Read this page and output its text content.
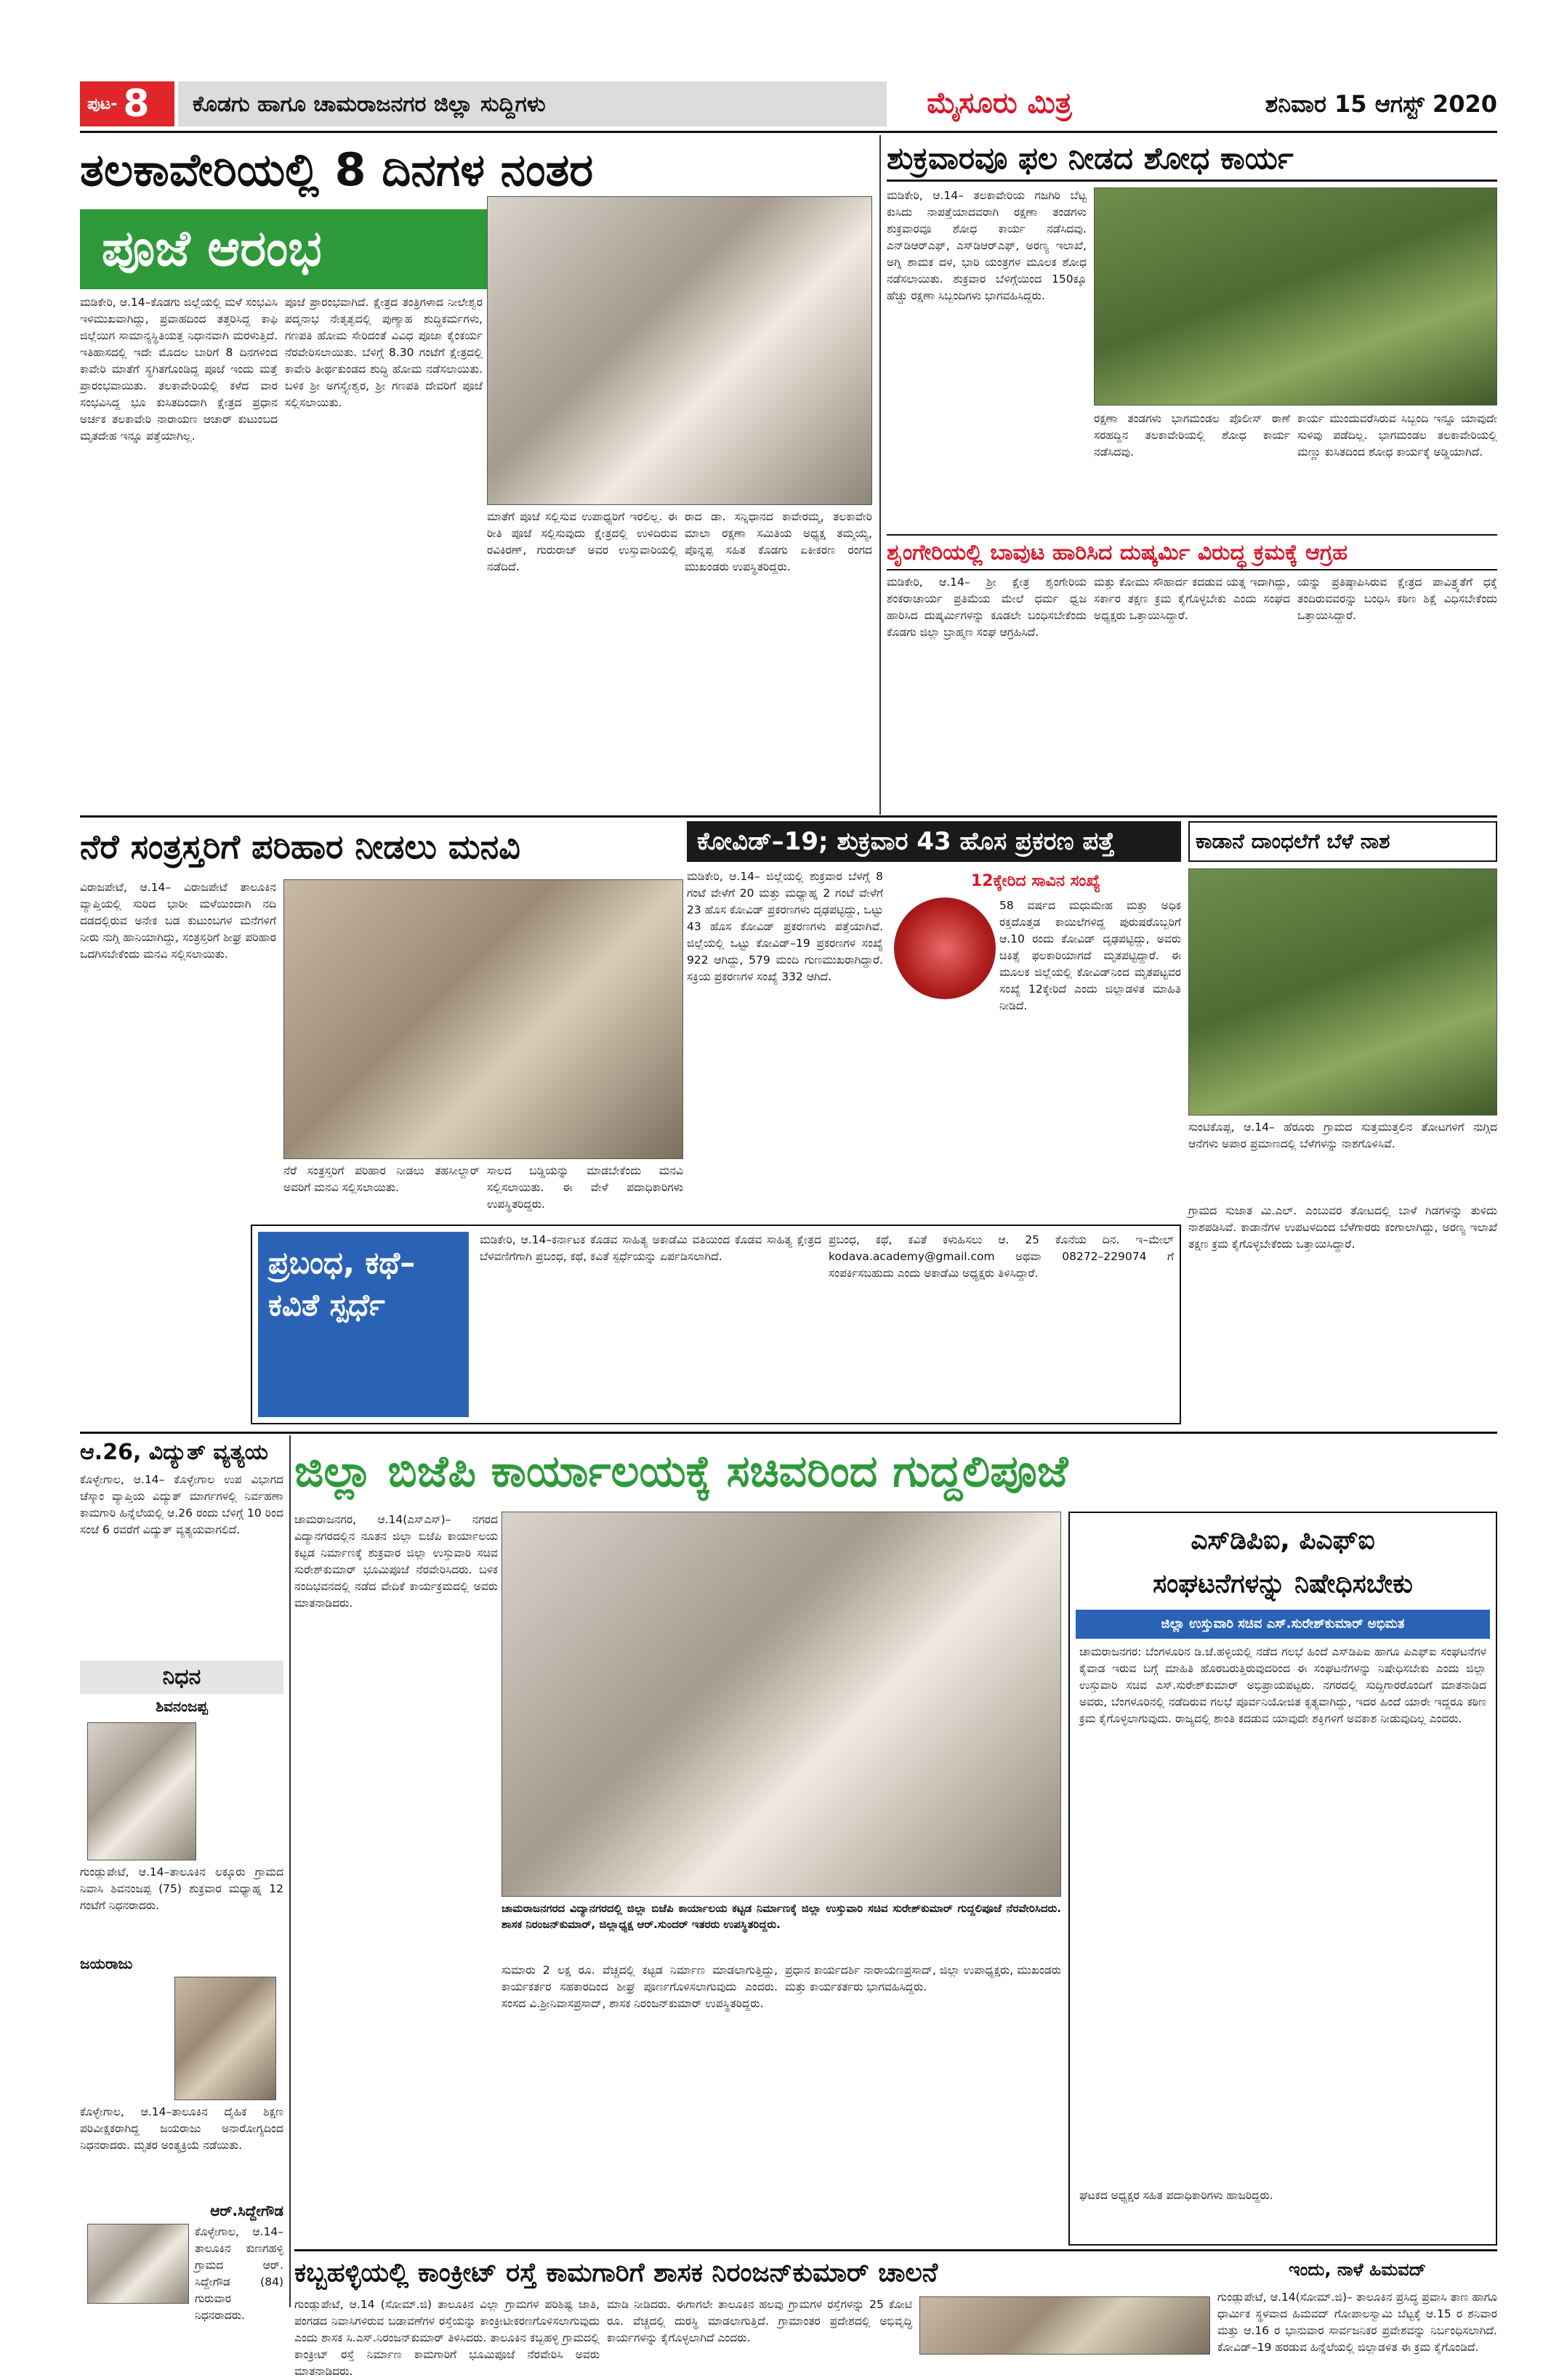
ಪುಟ- 8	ಕೊಡಗು ಹಾಗೂ ಚಾಮರಾಜನಗರ ಜಿಲ್ಲಾ ಸುದ್ದಿಗಳು	ಮೈಸೂರು ಮಿತ್ರ	ಶನಿವಾರ 15 ಆಗಸ್ಟ್ 2020
ತಲಕಾವೇರಿಯಲ್ಲಿ 8 ದಿನಗಳ ನಂತರ
ಪೂಜೆ ಆರಂಭ
ಮಡಿಕೇರಿ, ಆ.14–ಕೊಡಗು ಜಿಲ್ಲೆಯಲ್ಲಿ ಮಳೆ ಸಂಭವಿಸಿ ಇಳಿಮುಖವಾಗಿದ್ದು, ಪ್ರವಾಹದಿಂದ ತತ್ತರಿಸಿದ್ದ ಕಾಫಿ ಜಿಲ್ಲೆಯಿಗ ಸಾಮಾನ್ಯಸ್ಥಿತಿಯತ್ತ ನಿಧಾನವಾಗಿ ಮರಳುತ್ತಿದೆ. ಇತಿಹಾಸದಲ್ಲಿ ಇದೇ ಮೊದಲ ಬಾರಿಗೆ 8 ದಿನಗಳಿಂದ ಕಾವೇರಿ ಮಾತೆಗೆ ಸ್ಥಗಿತಗೊಂಡಿದ್ದ ಪೂಜೆ ಇಂದು ಮತ್ತೆ ಪ್ರಾರಂಭವಾಯಿತು. ತಲಕಾವೇರಿಯಲ್ಲಿ ಕಳೆದ ವಾರ ಸಂಭವಿಸಿದ್ದ ಭೂ ಕುಸಿತದಿಂದಾಗಿ ಕ್ಷೇತ್ರದ ಪ್ರಧಾನ ಅರ್ಚಕ ತಲಕಾವೇರಿ ನಾರಾಯಣ ಆಚಾರ್ ಕುಟುಂಬದ ಮೃತದೇಹ ಇನ್ನೂ ಪತ್ತೆಯಾಗಿಲ್ಲ.
ಪೂಜೆ ಪ್ರಾರಂಭವಾಗಿದೆ. ಕ್ಷೇತ್ರದ ತಂತ್ರಿಗಳಾದ ನೀಲೇಶ್ವರ ಪದ್ಮನಾಭ ನೇತೃತ್ವದಲ್ಲಿ ಪುಣ್ಯಾಹ ಶುದ್ಧಿಕರ್ಮಗಳು, ಗಣಪತಿ ಹೋಮ ಸೇರಿದಂತೆ ವಿವಿಧ ಪೂಜಾ ಕೈಂಕರ್ಯ ನೆರವೇರಿಸಲಾಯಿತು. ಬೆಳಿಗ್ಗೆ 8.30 ಗಂಟೆಗೆ ಕ್ಷೇತ್ರದಲ್ಲಿ ಕಾವೇರಿ ತೀರ್ಥಕುಂಡದ ಶುದ್ಧಿ ಹೋಮ ನಡೆಸಲಾಯಿತು. ಬಳಿಕ ಶ್ರೀ ಅಗಸ್ತ್ಯೇಶ್ವರ, ಶ್ರೀ ಗಣಪತಿ ದೇವರಿಗೆ ಪೂಜೆ ಸಲ್ಲಿಸಲಾಯಿತು.
ಮಾತೆಗೆ ಪೂಜೆ ಸಲ್ಲಿಸುವ ಉಪಾಧ್ಯರಿಗೆ ಇರಲಿಲ್ಲ. ಈ ರೀತಿ ಪೂಜೆ ಸಲ್ಲಿಸುವುದು ಕ್ಷೇತ್ರದಲ್ಲಿ ಉಳಿದಿರುವ ರವಿಕಿರಣ್, ಗುರುರಾಜ್ ಅವರ ಉಸ್ತುವಾರಿಯಲ್ಲಿ ನಡೆದಿದೆ.
ರಾದ ಡಾ. ಸನ್ನಿಧಾನದ ಕಾವೇರಮ್ಮ, ತಲಕಾವೇರಿ ಮಾಲಾ ರಕ್ಷಣಾ ಸಮಿತಿಯ ಅಧ್ಯಕ್ಷ ತಮ್ಮಯ್ಯ, ಪೊನ್ನಪ್ಪ ಸಹಿತ ಕೊಡಗು ಏಕೀಕರಣ ರಂಗದ ಮುಖಂಡರು ಉಪಸ್ಥಿತರಿದ್ದರು.
ಶುಕ್ರವಾರವೂ ಫಲ ನೀಡದ ಶೋಧ ಕಾರ್ಯ
ಮಡಿಕೇರಿ, ಆ.14– ತಲಕಾವೇರಿಯ ಗಜಗಿರಿ ಬೆಟ್ಟ ಕುಸಿದು ನಾಪತ್ತೆಯಾದವರಾಗಿ ರಕ್ಷಣಾ ತಂಡಗಳು ಶುಕ್ರವಾರವೂ ಶೋಧ ಕಾರ್ಯ ನಡೆಸಿದವು. ಎನ್‌ಡಿಆರ್‌ಎಫ್, ಎಸ್‌ಡಿಆರ್‌ಎಫ್, ಅರಣ್ಯ ಇಲಾಖೆ, ಅಗ್ನಿ ಶಾಮಕ ದಳ, ಭಾರಿ ಯಂತ್ರಗಳ ಮೂಲಕ ಶೋಧ ನಡೆಸಲಾಯಿತು. ಶುಕ್ರವಾರ ಬೆಳಿಗ್ಗೆಯಿಂದ 150ಕ್ಕೂ ಹೆಚ್ಚು ರಕ್ಷಣಾ ಸಿಬ್ಬಂದಿಗಳು ಭಾಗವಹಿಸಿದ್ದರು.
ರಕ್ಷಣಾ ತಂಡಗಳು ಭಾಗಮಂಡಲ ಪೊಲೀಸ್ ಠಾಣೆ ಸರಹದ್ದಿನ ತಲಕಾವೇರಿಯಲ್ಲಿ ಶೋಧ ಕಾರ್ಯ ನಡೆಸಿದವು.
ಕಾರ್ಯ ಮುಂದುವರೆಸಿರುವ ಸಿಬ್ಬಂದಿ ಇನ್ನೂ ಯಾವುದೇ ಸುಳಿವು ಪಡೆದಿಲ್ಲ. ಭಾಗಮಂಡಲ ತಲಕಾವೇರಿಯಲ್ಲಿ ಮಣ್ಣು ಕುಸಿತದಿಂದ ಶೋಧ ಕಾರ್ಯಕ್ಕೆ ಅಡ್ಡಿಯಾಗಿದೆ.
ಶೃಂಗೇರಿಯಲ್ಲಿ ಬಾವುಟ ಹಾರಿಸಿದ ದುಷ್ಕರ್ಮಿ ವಿರುದ್ಧ ಕ್ರಮಕ್ಕೆ ಆಗ್ರಹ
ಮಡಿಕೇರಿ, ಆ.14– ಶ್ರೀ ಕ್ಷೇತ್ರ ಶೃಂಗೇರಿಯ ಶಂಕರಾಚಾರ್ಯ ಪ್ರತಿಮೆಯ ಮೇಲೆ ಧರ್ಮ ಧ್ವಜ ಹಾರಿಸಿದ ದುಷ್ಕರ್ಮಿಗಳನ್ನು ಕೂಡಲೇ ಬಂಧಿಸಬೇಕೆಂದು ಕೊಡಗು ಜಿಲ್ಲಾ ಬ್ರಾಹ್ಮಣ ಸಂಘ ಆಗ್ರಹಿಸಿದೆ.
ಮತ್ತು ಕೋಮು ಸೌಹಾರ್ದ ಕದಡುವ ಯತ್ನ ಇದಾಗಿದ್ದು, ಸರ್ಕಾರ ತಕ್ಷಣ ಕ್ರಮ ಕೈಗೊಳ್ಳಬೇಕು ಎಂದು ಸಂಘದ ಅಧ್ಯಕ್ಷರು ಒತ್ತಾಯಿಸಿದ್ದಾರೆ.
ಯನ್ನು ಪ್ರತಿಷ್ಠಾಪಿಸಿರುವ ಕ್ಷೇತ್ರದ ಪಾವಿತ್ರ್ಯತೆಗೆ ಧಕ್ಕೆ ತಂದಿರುವವರನ್ನು ಬಂಧಿಸಿ ಕಠಿಣ ಶಿಕ್ಷೆ ವಿಧಿಸಬೇಕೆಂದು ಒತ್ತಾಯಿಸಿದ್ದಾರೆ.
ನೆರೆ ಸಂತ್ರಸ್ತರಿಗೆ ಪರಿಹಾರ ನೀಡಲು ಮನವಿ
ವಿರಾಜಪೇಟೆ, ಆ.14– ವಿರಾಜಪೇಟೆ ತಾಲೂಕಿನ ವ್ಯಾಪ್ತಿಯಲ್ಲಿ ಸುರಿದ ಭಾರೀ ಮಳೆಯಿಂದಾಗಿ ನದಿ ದಡದಲ್ಲಿರುವ ಅನೇಕ ಬಡ ಕುಟುಂಬಗಳ ಮನೆಗಳಿಗೆ ನೀರು ನುಗ್ಗಿ ಹಾನಿಯಾಗಿದ್ದು, ಸಂತ್ರಸ್ತರಿಗೆ ಶೀಘ್ರ ಪರಿಹಾರ ಒದಗಿಸಬೇಕೆಂದು ಮನವಿ ಸಲ್ಲಿಸಲಾಯಿತು.
ನೆರೆ ಸಂತ್ರಸ್ತರಿಗೆ ಪರಿಹಾರ ನೀಡಲು ತಹಸೀಲ್ದಾರ್ ಅವರಿಗೆ ಮನವಿ ಸಲ್ಲಿಸಲಾಯಿತು.
ಸಾಲದ ಬಡ್ಡಿಯನ್ನು ಮಾಡಬೇಕೆಂದು ಮನವಿ ಸಲ್ಲಿಸಲಾಯಿತು. ಈ ವೇಳೆ ಪದಾಧಿಕಾರಿಗಳು ಉಪಸ್ಥಿತರಿದ್ದರು.
ಕೋವಿಡ್–19; ಶುಕ್ರವಾರ 43 ಹೊಸ ಪ್ರಕರಣ ಪತ್ತೆ
ಮಡಿಕೇರಿ, ಆ.14– ಜಿಲ್ಲೆಯಲ್ಲಿ ಶುಕ್ರವಾರ ಬೆಳಗ್ಗೆ 8 ಗಂಟೆ ವೇಳೆಗೆ 20 ಮತ್ತು ಮಧ್ಯಾಹ್ನ 2 ಗಂಟೆ ವೇಳೆಗೆ 23 ಹೊಸ ಕೋವಿಡ್ ಪ್ರಕರಣಗಳು ದೃಢಪಟ್ಟಿದ್ದು, ಒಟ್ಟು 43 ಹೊಸ ಕೋವಿಡ್ ಪ್ರಕರಣಗಳು ಪತ್ತೆಯಾಗಿವೆ. ಜಿಲ್ಲೆಯಲ್ಲಿ ಒಟ್ಟು ಕೋವಿಡ್–19 ಪ್ರಕರಣಗಳ ಸಂಖ್ಯೆ 922 ಆಗಿದ್ದು, 579 ಮಂದಿ ಗುಣಮುಖರಾಗಿದ್ದಾರೆ. ಸಕ್ರಿಯ ಪ್ರಕರಣಗಳ ಸಂಖ್ಯೆ 332 ಆಗಿದೆ.
12ಕ್ಕೇರಿದ ಸಾವಿನ ಸಂಖ್ಯೆ
58 ವರ್ಷದ ಮಧುಮೇಹ ಮತ್ತು ಅಧಿಕ ರಕ್ತದೊತ್ತಡ ಕಾಯಿಲೆಗಳಿದ್ದ ಪುರುಷರೊಬ್ಬರಿಗೆ ಆ.10 ರಂದು ಕೋವಿಡ್ ದೃಢಪಟ್ಟಿದ್ದು, ಅವರು ಚಿಕಿತ್ಸೆ ಫಲಕಾರಿಯಾಗದೆ ಮೃತಪಟ್ಟಿದ್ದಾರೆ. ಈ ಮೂಲಕ ಜಿಲ್ಲೆಯಲ್ಲಿ ಕೋವಿಡ್‌ನಿಂದ ಮೃತಪಟ್ಟವರ ಸಂಖ್ಯೆ 12ಕ್ಕೇರಿದೆ ಎಂದು ಜಿಲ್ಲಾಡಳಿತ ಮಾಹಿತಿ ನೀಡಿದೆ.
ಕಾಡಾನೆ ದಾಂಧಲೆಗೆ ಬೆಳೆ ನಾಶ
ಸುಂಟಿಕೊಪ್ಪ, ಆ.14– ಹೆರೂರು ಗ್ರಾಮದ ಸುತ್ತಮುತ್ತಲಿನ ತೋಟಗಳಿಗೆ ನುಗ್ಗಿದ ಆನೆಗಳು ಅಪಾರ ಪ್ರಮಾಣದಲ್ಲಿ ಬೆಳೆಗಳನ್ನು ನಾಶಗೊಳಿಸಿವೆ.
ಗ್ರಾಮದ ಸುಜಾತ ಮಿ.ಎಲ್. ಎಂಬುವರ ತೋಟದಲ್ಲಿ ಬಾಳೆ ಗಿಡಗಳನ್ನು ತುಳಿದು ನಾಶಪಡಿಸಿವೆ. ಕಾಡಾನೆಗಳ ಉಪಟಳದಿಂದ ಬೆಳೆಗಾರರು ಕಂಗಾಲಾಗಿದ್ದು, ಅರಣ್ಯ ಇಲಾಖೆ ತಕ್ಷಣ ಕ್ರಮ ಕೈಗೊಳ್ಳಬೇಕೆಂದು ಒತ್ತಾಯಿಸಿದ್ದಾರೆ.
ಪ್ರಬಂಧ, ಕಥೆ–ಕವಿತೆ ಸ್ಪರ್ಧೆ
ಮಡಿಕೇರಿ, ಆ.14–ಕರ್ನಾಟಕ ಕೊಡವ ಸಾಹಿತ್ಯ ಅಕಾಡೆಮಿ ವತಿಯಿಂದ ಕೊಡವ ಸಾಹಿತ್ಯ ಕ್ಷೇತ್ರದ ಬೆಳವಣಿಗೆಗಾಗಿ ಪ್ರಬಂಧ, ಕಥೆ, ಕವಿತೆ ಸ್ಪರ್ಧೆಯನ್ನು ಏರ್ಪಡಿಸಲಾಗಿದೆ.
ಪ್ರಬಂಧ, ಕಥೆ, ಕವಿತೆ ಕಳುಹಿಸಲು ಆ. 25 ಕೊನೆಯ ದಿನ. ಇ–ಮೇಲ್ kodava.academy@gmail.com ಅಥವಾ 08272–229074 ಗೆ ಸಂಪರ್ಕಿಸಬಹುದು ಎಂದು ಅಕಾಡೆಮಿ ಅಧ್ಯಕ್ಷರು ತಿಳಿಸಿದ್ದಾರೆ.
ಆ.26, ವಿದ್ಯುತ್ ವ್ಯತ್ಯಯ
ಕೊಳ್ಳೇಗಾಲ, ಆ.14– ಕೊಳ್ಳೇಗಾಲ ಉಪ ವಿಭಾಗದ ಚೆಸ್ಕಾಂ ವ್ಯಾಪ್ತಿಯ ವಿದ್ಯುತ್ ಮಾರ್ಗಗಳಲ್ಲಿ ನಿರ್ವಹಣಾ ಕಾಮಗಾರಿ ಹಿನ್ನೆಲೆಯಲ್ಲಿ ಆ.26 ರಂದು ಬೆಳಿಗ್ಗೆ 10 ರಿಂದ ಸಂಜೆ 6 ರವರೆಗೆ ವಿದ್ಯುತ್ ವ್ಯತ್ಯಯವಾಗಲಿದೆ.
ನಿಧನ
ಶಿವನಂಜಪ್ಪ
ಗುಂಡ್ಲುಪೇಟೆ, ಆ.14–ತಾಲೂಕಿನ ಲಕ್ಕೂರು ಗ್ರಾಮದ ನಿವಾಸಿ ಶಿವನಂಜಪ್ಪ (75) ಶುಕ್ರವಾರ ಮಧ್ಯಾಹ್ನ 12 ಗಂಟೆಗೆ ನಿಧನರಾದರು.
ಜಯರಾಜು
ಕೊಳ್ಳೇಗಾಲ, ಆ.14–ತಾಲೂಕಿನ ದೈಹಿಕ ಶಿಕ್ಷಣ ಪರಿವೀಕ್ಷಕರಾಗಿದ್ದ ಜಯರಾಜು ಅನಾರೋಗ್ಯದಿಂದ ನಿಧನರಾದರು. ಮೃತರ ಅಂತ್ಯಕ್ರಿಯೆ ನಡೆಯಿತು.
ಆರ್.ಸಿದ್ದೇಗೌಡ
ಕೊಳ್ಳೇಗಾಲ, ಆ.14– ತಾಲೂಕಿನ ಕುಣಗಹಳ್ಳಿ ಗ್ರಾಮದ ಆರ್. ಸಿದ್ದೇಗೌಡ (84) ಗುರುವಾರ ನಿಧನರಾದರು.
ಜಿಲ್ಲಾ ಬಿಜೆಪಿ ಕಾರ್ಯಾಲಯಕ್ಕೆ ಸಚಿವರಿಂದ ಗುದ್ದಲಿಪೂಜೆ
ಚಾಮರಾಜನಗರ, ಆ.14(ಎಸ್‌ಎಸ್)– ನಗರದ ವಿದ್ಯಾನಗರದಲ್ಲಿನ ನೂತನ ಜಿಲ್ಲಾ ಬಿಜೆಪಿ ಕಾರ್ಯಾಲಯ ಕಟ್ಟಡ ನಿರ್ಮಾಣಕ್ಕೆ ಶುಕ್ರವಾರ ಜಿಲ್ಲಾ ಉಸ್ತುವಾರಿ ಸಚಿವ ಸುರೇಶ್‌ಕುಮಾರ್ ಭೂಮಿಪೂಜೆ ನೆರವೇರಿಸಿದರು. ಬಳಿಕ ನಂದಿಭವನದಲ್ಲಿ ನಡೆದ ವೇದಿಕೆ ಕಾರ್ಯಕ್ರಮದಲ್ಲಿ ಅವರು ಮಾತನಾಡಿದರು.
ಚಾಮರಾಜನಗರದ ವಿದ್ಯಾನಗರದಲ್ಲಿ ಜಿಲ್ಲಾ ಬಿಜೆಪಿ ಕಾರ್ಯಾಲಯ ಕಟ್ಟಡ ನಿರ್ಮಾಣಕ್ಕೆ ಜಿಲ್ಲಾ ಉಸ್ತುವಾರಿ ಸಚಿವ ಸುರೇಶ್‌ಕುಮಾರ್ ಗುದ್ದಲಿಪೂಜೆ ನೆರವೇರಿಸಿದರು. ಶಾಸಕ ನಿರಂಜನ್‌ಕುಮಾರ್, ಜಿಲ್ಲಾಧ್ಯಕ್ಷ ಆರ್.ಸುಂದರ್ ಇತರರು ಉಪಸ್ಥಿತರಿದ್ದರು.
ಸುಮಾರು 2 ಲಕ್ಷ ರೂ. ವೆಚ್ಚದಲ್ಲಿ ಕಟ್ಟಡ ನಿರ್ಮಾಣ ಮಾಡಲಾಗುತ್ತಿದ್ದು, ಕಾರ್ಯಕರ್ತರ ಸಹಕಾರದಿಂದ ಶೀಘ್ರ ಪೂರ್ಣಗೊಳಿಸಲಾಗುವುದು ಎಂದರು. ಸಂಸದ ವಿ.ಶ್ರೀನಿವಾಸಪ್ರಸಾದ್, ಶಾಸಕ ನಿರಂಜನ್‌ಕುಮಾರ್ ಉಪಸ್ಥಿತರಿದ್ದರು.
ಪ್ರಧಾನ ಕಾರ್ಯದರ್ಶಿ ನಾರಾಯಣಪ್ರಸಾದ್, ಜಿಲ್ಲಾ ಉಪಾಧ್ಯಕ್ಷರು, ಮುಖಂಡರು ಮತ್ತು ಕಾರ್ಯಕರ್ತರು ಭಾಗವಹಿಸಿದ್ದರು.
ಎಸ್‌ಡಿಪಿಐ, ಪಿಎಫ್‌ಐ
ಸಂಘಟನೆಗಳನ್ನು ನಿಷೇಧಿಸಬೇಕು
ಜಿಲ್ಲಾ ಉಸ್ತುವಾರಿ ಸಚಿವ ಎಸ್.ಸುರೇಶ್‌ಕುಮಾರ್ ಅಭಿಮತ
ಚಾಮರಾಜನಗರ: ಬೆಂಗಳೂರಿನ ಡಿ.ಜೆ.ಹಳ್ಳಿಯಲ್ಲಿ ನಡೆದ ಗಲಭೆ ಹಿಂದೆ ಎಸ್‌ಡಿಪಿಐ ಹಾಗೂ ಪಿಎಫ್‌ಐ ಸಂಘಟನೆಗಳ ಕೈವಾಡ ಇರುವ ಬಗ್ಗೆ ಮಾಹಿತಿ ಹೊರಬರುತ್ತಿರುವುದರಿಂದ ಈ ಸಂಘಟನೆಗಳನ್ನು ನಿಷೇಧಿಸಬೇಕು ಎಂದು ಜಿಲ್ಲಾ ಉಸ್ತುವಾರಿ ಸಚಿವ ಎಸ್.ಸುರೇಶ್‌ಕುಮಾರ್ ಅಭಿಪ್ರಾಯಪಟ್ಟರು. ನಗರದಲ್ಲಿ ಸುದ್ದಿಗಾರರೊಂದಿಗೆ ಮಾತನಾಡಿದ ಅವರು, ಬೆಂಗಳೂರಿನಲ್ಲಿ ನಡೆದಿರುವ ಗಲಭೆ ಪೂರ್ವನಿಯೋಜಿತ ಕೃತ್ಯವಾಗಿದ್ದು, ಇದರ ಹಿಂದೆ ಯಾರೇ ಇದ್ದರೂ ಕಠಿಣ ಕ್ರಮ ಕೈಗೊಳ್ಳಲಾಗುವುದು. ರಾಜ್ಯದಲ್ಲಿ ಶಾಂತಿ ಕದಡುವ ಯಾವುದೇ ಶಕ್ತಿಗಳಿಗೆ ಅವಕಾಶ ನೀಡುವುದಿಲ್ಲ ಎಂದರು.
ಘಟಕದ ಅಧ್ಯಕ್ಷರ ಸಹಿತ ಪದಾಧಿಕಾರಿಗಳು ಹಾಜರಿದ್ದರು.
ಕಬ್ಬಹಳ್ಳಿಯಲ್ಲಿ ಕಾಂಕ್ರೀಟ್ ರಸ್ತೆ ಕಾಮಗಾರಿಗೆ ಶಾಸಕ ನಿರಂಜನ್‌ಕುಮಾರ್ ಚಾಲನೆ
ಗುಂಡ್ಲುಪೇಟೆ, ಆ.14 (ಸೋಮ್.ಜಿ) ತಾಲೂಕಿನ ವಿಲ್ಲಾ ಗ್ರಾಮಗಳ ಪರಿಶಿಷ್ಟ ಜಾತಿ, ಪಂಗಡದ ನಿವಾಸಿಗಳಿರುವ ಬಡಾವಣೆಗಳ ರಸ್ತೆಯನ್ನು ಕಾಂಕ್ರೀಟೀಕರಣಗೊಳಿಸಲಾಗುವುದು ಎಂದು ಶಾಸಕ ಸಿ.ಎಸ್.ನಿರಂಜನ್‌ಕುಮಾರ್ ತಿಳಿಸಿದರು. ತಾಲೂಕಿನ ಕಬ್ಬಹಳ್ಳಿ ಗ್ರಾಮದಲ್ಲಿ ಕಾಂಕ್ರೀಟ್ ರಸ್ತೆ ನಿರ್ಮಾಣ ಕಾಮಗಾರಿಗೆ ಭೂಮಿಪೂಜೆ ನೆರವೇರಿಸಿ ಅವರು ಮಾತನಾಡಿದರು.
ಮಾಡಿ ನೀಡಿದರು. ಈಗಾಗಲೇ ತಾಲೂಕಿನ ಹಲವು ಗ್ರಾಮಗಳ ರಸ್ತೆಗಳನ್ನು 25 ಕೋಟಿ ರೂ. ವೆಚ್ಚದಲ್ಲಿ ದುರಸ್ಥಿ ಮಾಡಲಾಗುತ್ತಿದೆ. ಗ್ರಾಮಾಂತರ ಪ್ರದೇಶದಲ್ಲಿ ಅಭಿವೃದ್ಧಿ ಕಾರ್ಯಗಳನ್ನು ಕೈಗೊಳ್ಳಲಾಗಿದೆ ಎಂದರು.
ಇಂದು, ನಾಳೆ ಹಿಮವದ್
ಗುಂಡ್ಲುಪೇಟೆ, ಆ.14(ಸೋಮ್.ಜಿ)– ತಾಲೂಕಿನ ಪ್ರಸಿದ್ಧ ಪ್ರವಾಸಿ ತಾಣ ಹಾಗೂ ಧಾರ್ಮಿಕ ಸ್ಥಳವಾದ ಹಿಮವದ್ ಗೋಪಾಲಸ್ವಾಮಿ ಬೆಟ್ಟಕ್ಕೆ ಆ.15 ರ ಶನಿವಾರ ಮತ್ತು ಆ.16 ರ ಭಾನುವಾರ ಸಾರ್ವಜನಿಕರ ಪ್ರವೇಶವನ್ನು ನಿರ್ಬಂಧಿಸಲಾಗಿದೆ. ಕೋವಿಡ್–19 ಹರಡುವ ಹಿನ್ನೆಲೆಯಲ್ಲಿ ಜಿಲ್ಲಾಡಳಿತ ಈ ಕ್ರಮ ಕೈಗೊಂಡಿದೆ.
